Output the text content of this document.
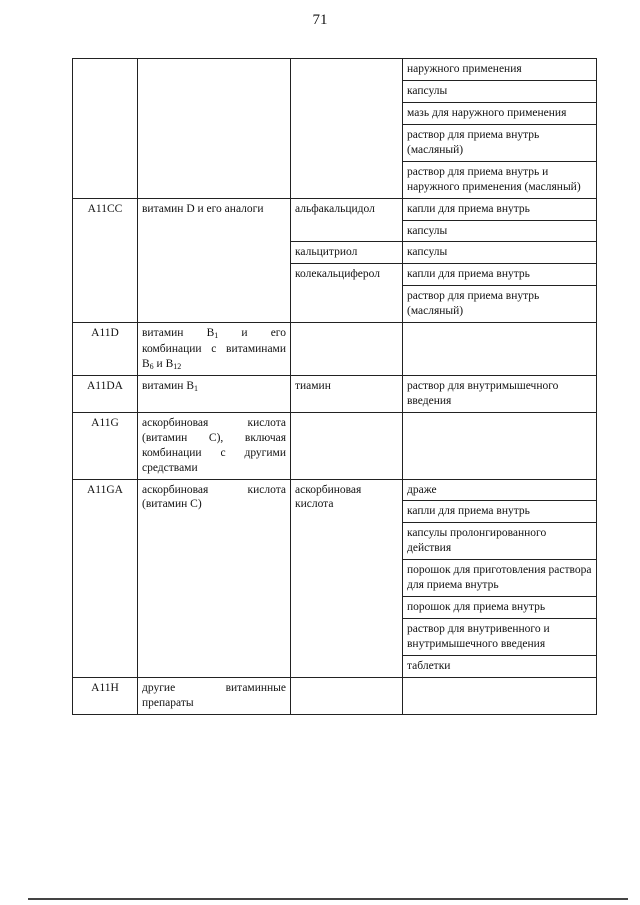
71
			наружного применения
			капсулы
			мазь для наружного применения
			раствор для приема внутрь (масляный)
			раствор для приема внутрь и наружного применения (масляный)
A11CC	витамин D и его аналоги	альфакальцидол	капли для приема внутрь
			капсулы
		кальцитриол	капсулы
		колекальциферол	капли для приема внутрь
			раствор для приема внутрь (масляный)
A11D	витамин $B_1$ и его комбинации с витаминами $B_6$ и $B_{12}$		
A11DA	витамин $B_1$	тиамин	раствор для внутримышечного введения
A11G	аскорбиновая кислота (витамин С), включая комбинации с другими средствами		
A11GA	аскорбиновая кислота (витамин С)	аскорбиновая кислота	драже
			капли для приема внутрь
			капсулы пролонгированного действия
			порошок для приготовления раствора для приема внутрь
			порошок для приема внутрь
			раствор для внутривенного и внутримышечного введения
			таблетки
A11H	другие витаминные препараты		
